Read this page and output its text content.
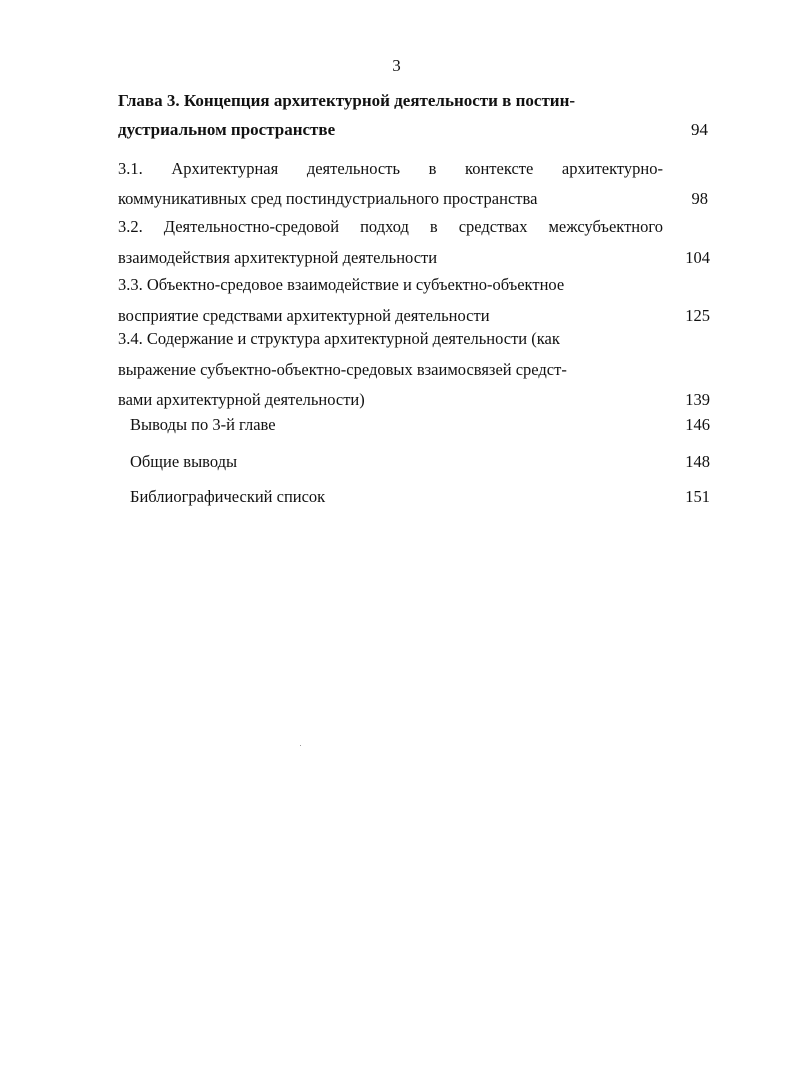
3
Глава 3. Концепция архитектурной деятельности в постин-
дустриальном пространстве	94
3.1. Архитектурная деятельность в контексте архитектурно-
коммуникативных сред постиндустриального пространства	98
3.2. Деятельностно-средовой подход в средствах межсубъектного
взаимодействия архитектурной деятельности	104
3.3. Объектно-средовое взаимодействие и субъектно-объектное
восприятие средствами архитектурной деятельности	125
3.4. Содержание и структура архитектурной деятельности (как
выражение субъектно-объектно-средовых взаимосвязей средст-
вами архитектурной деятельности)	139
Выводы по 3-й главе	146
Общие выводы	148
Библиографический список	151
